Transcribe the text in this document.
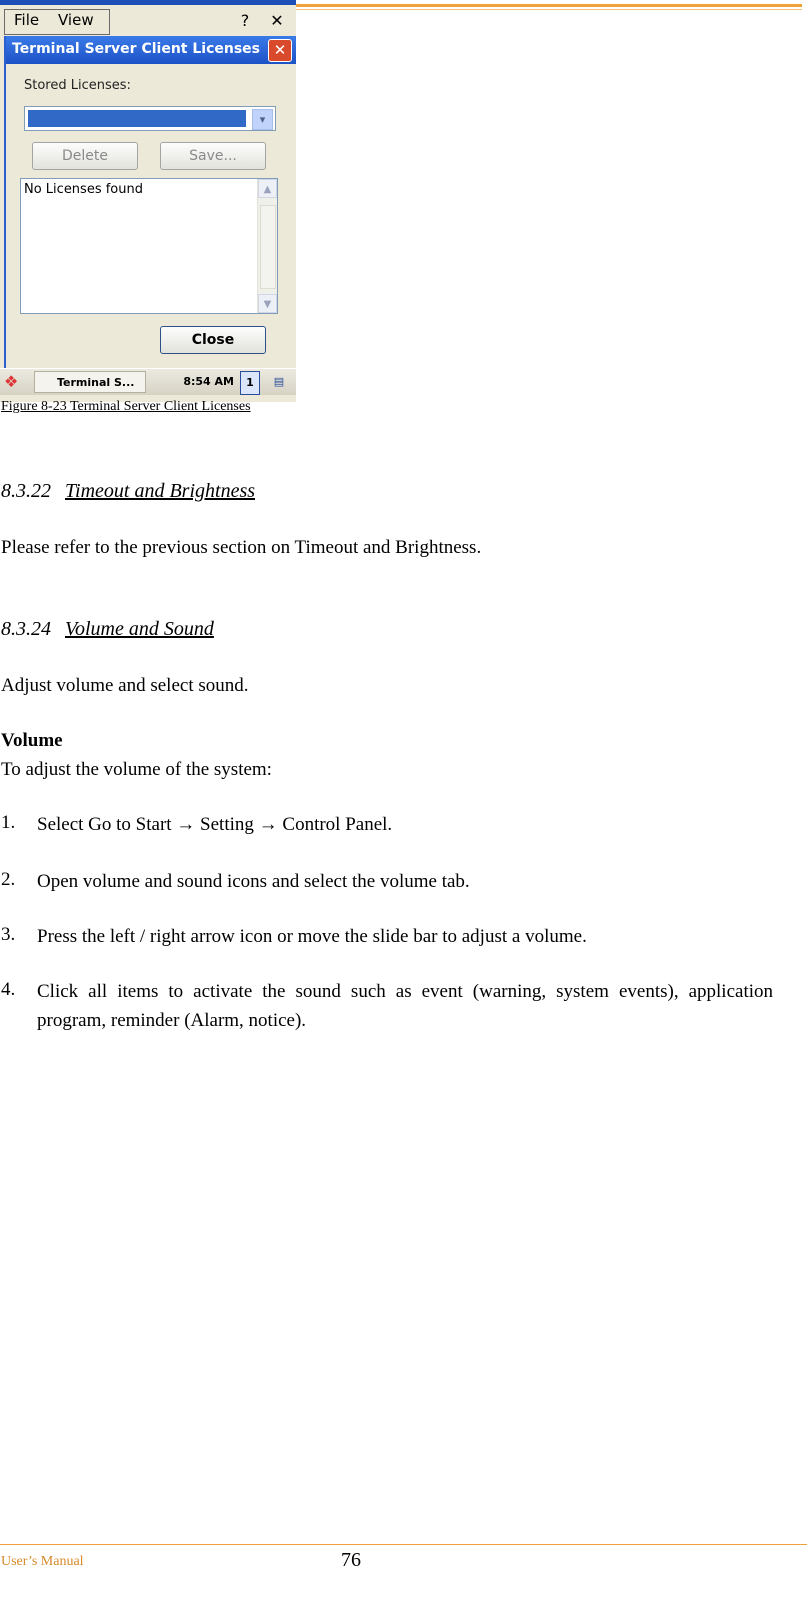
File View	?	✕
Terminal Server Client Licenses ✕
Stored Licenses:
▾
Delete	Save...
No Licenses found	▲
▼
Close
❖	Terminal S...	8:54 AM	1	▤
Figure 8-23 Terminal Server Client Licenses
8.3.22 Timeout and Brightness
Please refer to the previous section on Timeout and Brightness.
8.3.24 Volume and Sound
Adjust volume and select sound.
Volume
To adjust the volume of the system:
1. Select Go to Start → Setting → Control Panel.
2. Open volume and sound icons and select the volume tab.
3. Press the left / right arrow icon or move the slide bar to adjust a volume.
4. Click all items to activate the sound such as event (warning, system events), application program, reminder (Alarm, notice).
User’s Manual	76
